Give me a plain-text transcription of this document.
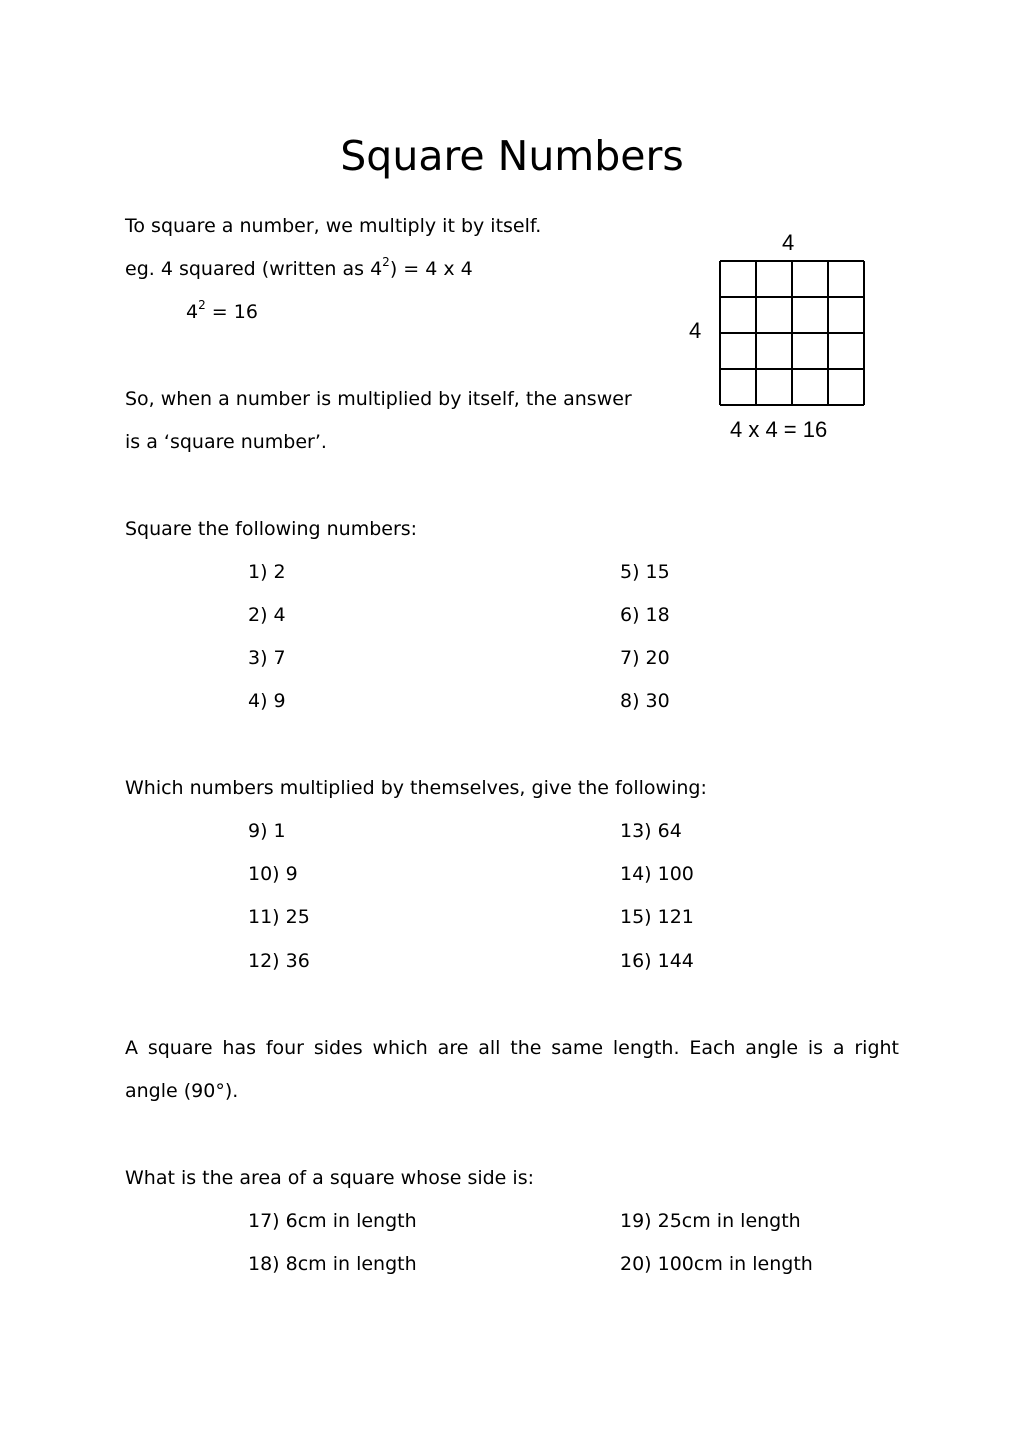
Square Numbers
To square a number, we multiply it by itself.
eg. 4 squared (written as $4^2) = 4$ x 4
$4^2 = 16$
So, when a number is multiplied by itself, the answer
is a ‘square number’.
4
4
4 x 4 = 16
Square the following numbers:
1) 2
2) 4
3) 7
4) 9
5) 15
6) 18
7) 20
8) 30
Which numbers multiplied by themselves, give the following:
9) 1
10) 9
11) 25
12) 36
13) 64
14) 100
15) 121
16) 144
A square has four sides which are all the same length. Each angle is a right
angle (90°).
What is the area of a square whose side is:
17) 6cm in length
18) 8cm in length
19) 25cm in length
20) 100cm in length
